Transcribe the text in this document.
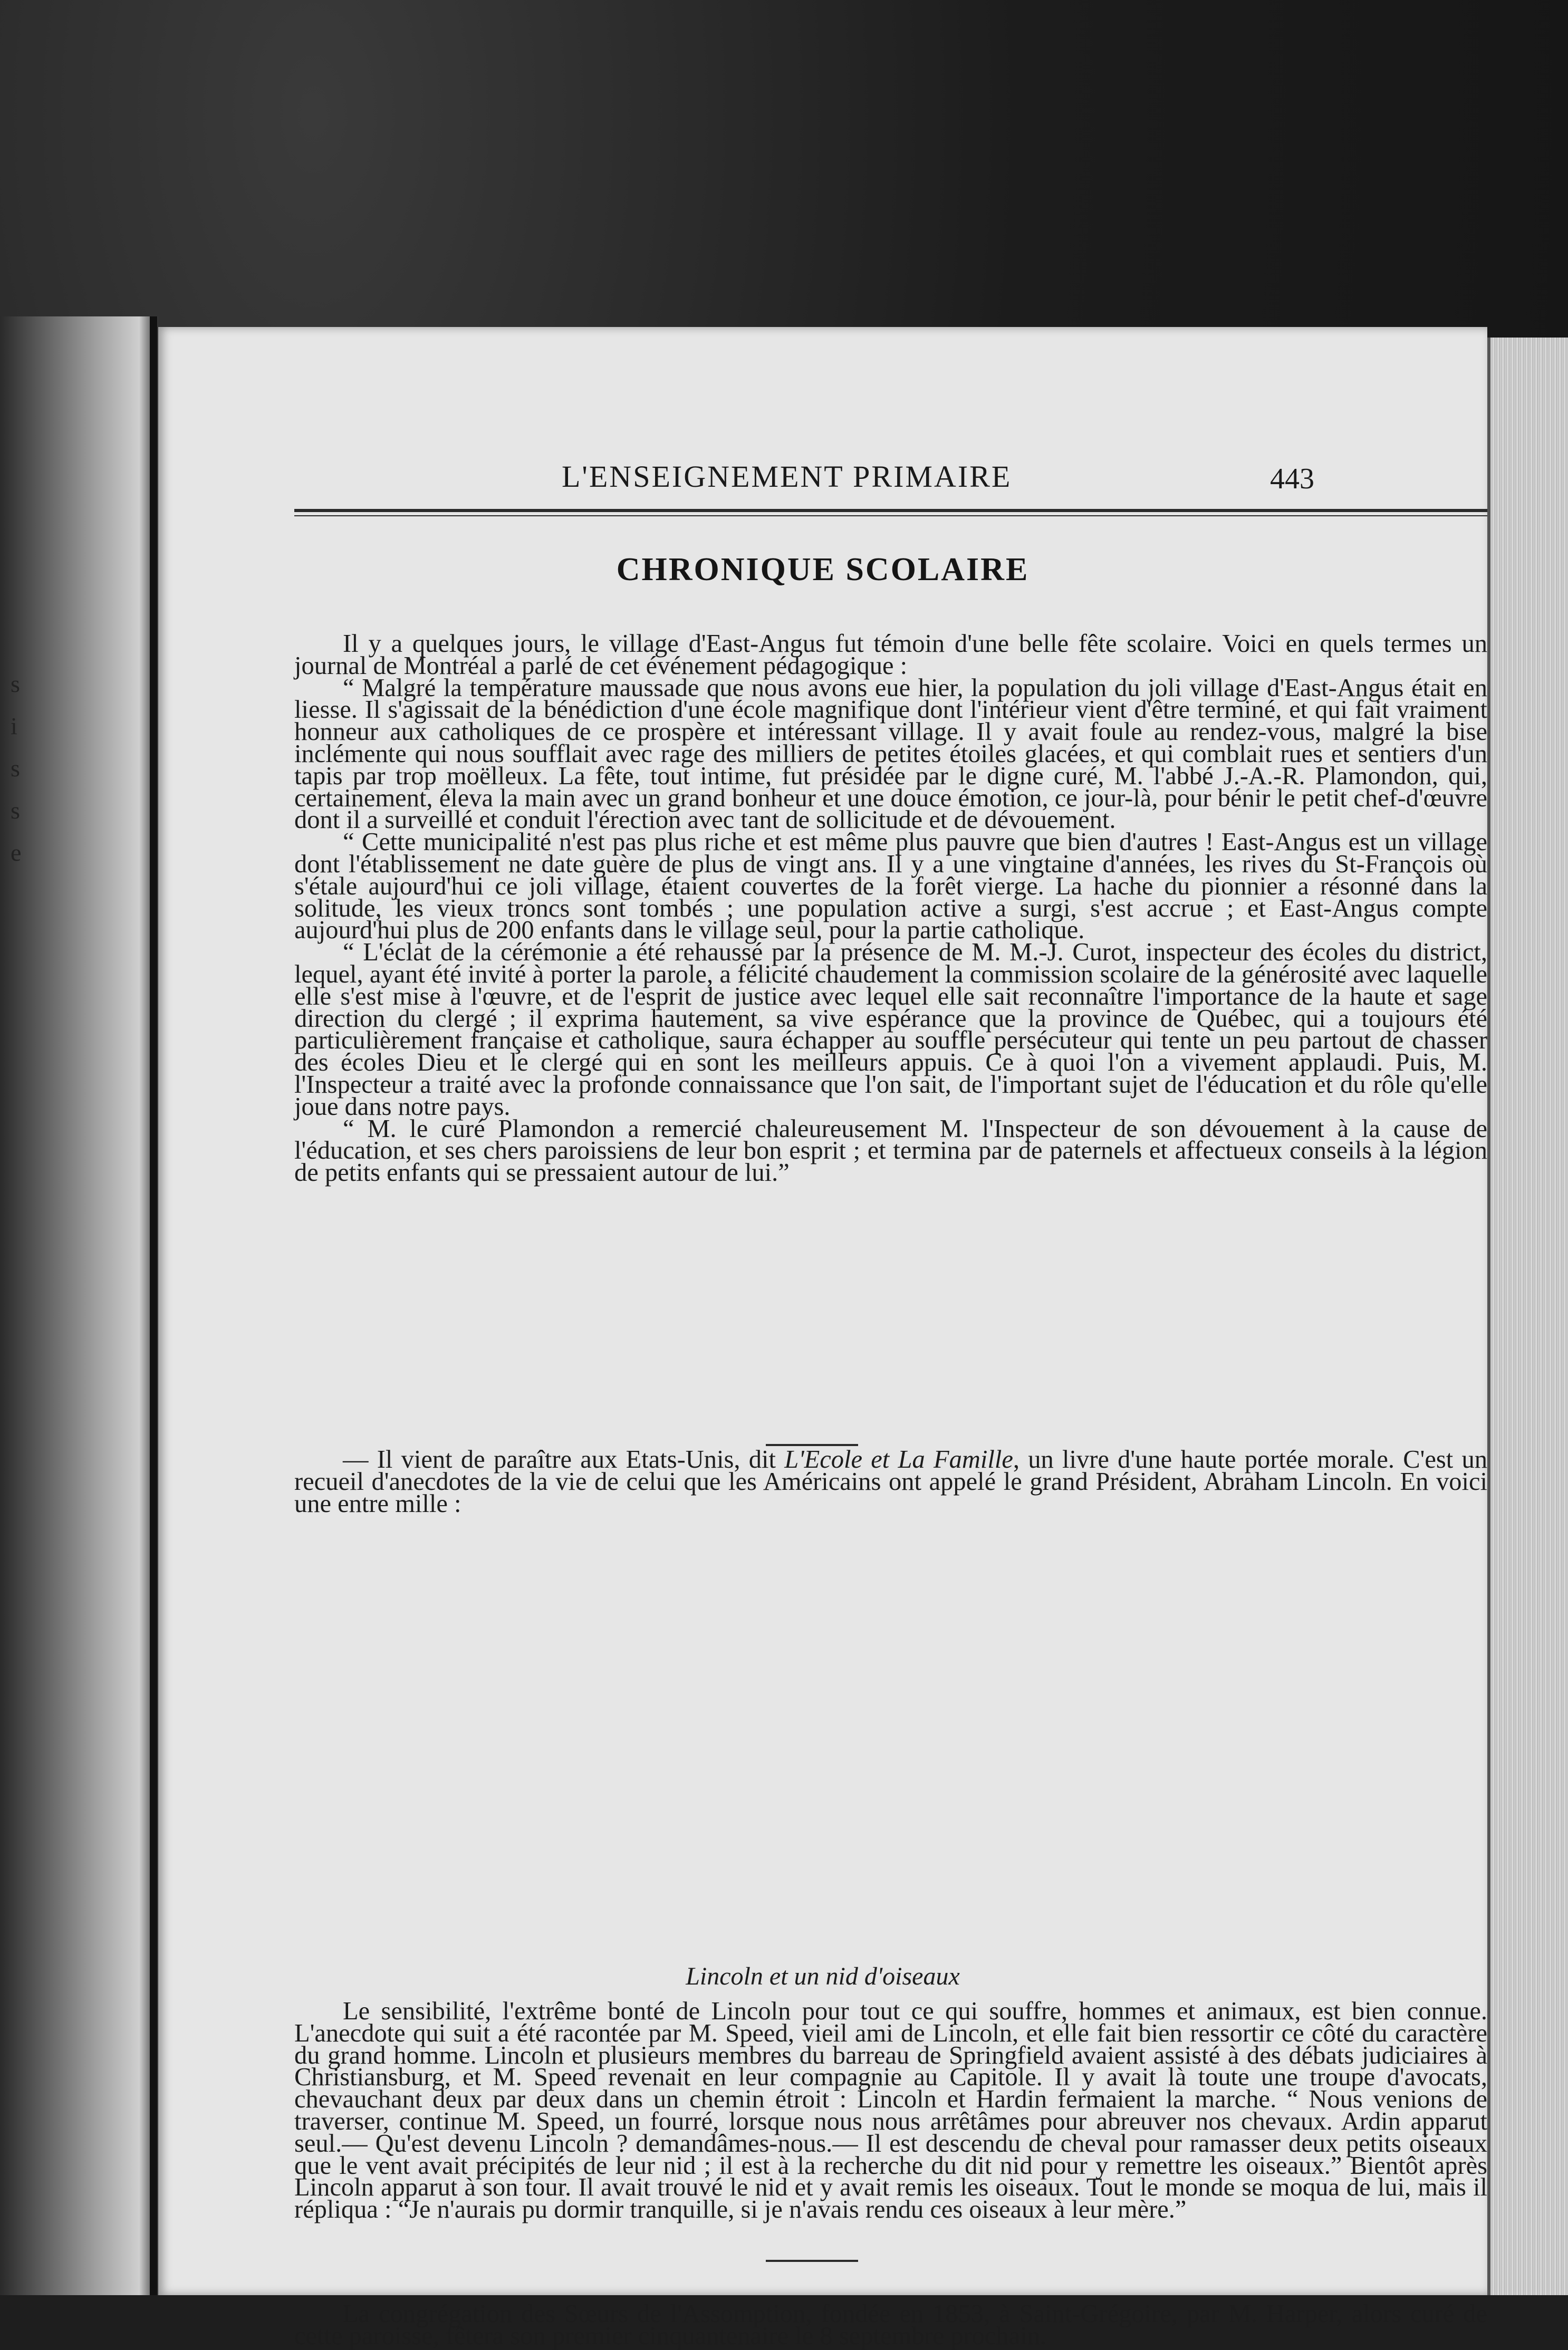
s
i
s
s
e
L'ENSEIGNEMENT PRIMAIRE	443
CHRONIQUE SCOLAIRE

Il y a quelques jours, le village d'East-Angus fut témoin d'une belle fête scolaire. Voici en quels termes un journal de Montréal a parlé de cet événement pédagogique :

“ Malgré la température maussade que nous avons eue hier, la population du joli village d'East-Angus était en liesse. Il s'agissait de la bénédiction d'une école magnifique dont l'intérieur vient d'être terminé, et qui fait vraiment honneur aux catholiques de ce prospère et intéressant village. Il y avait foule au rendez-vous, malgré la bise inclémente qui nous soufflait avec rage des milliers de petites étoiles glacées, et qui comblait rues et sentiers d'un tapis par trop moëlleux. La fête, tout intime, fut présidée par le digne curé, M. l'abbé J.-A.-R. Plamondon, qui, certainement, éleva la main avec un grand bonheur et une douce émotion, ce jour-là, pour bénir le petit chef-d'œuvre dont il a surveillé et conduit l'érection avec tant de sollicitude et de dévouement.

“ Cette municipalité n'est pas plus riche et est même plus pauvre que bien d'autres ! East-Angus est un village dont l'établissement ne date guère de plus de vingt ans. Il y a une vingtaine d'années, les rives du St-François où s'étale aujourd'hui ce joli village, étaient couvertes de la forêt vierge. La hache du pionnier a résonné dans la solitude, les vieux troncs sont tombés ; une population active a surgi, s'est accrue ; et East-Angus compte aujourd'hui plus de 200 enfants dans le village seul, pour la partie catholique.

“ L'éclat de la cérémonie a été rehaussé par la présence de M. M.-J. Curot, inspecteur des écoles du district, lequel, ayant été invité à porter la parole, a félicité chaudement la commission scolaire de la générosité avec laquelle elle s'est mise à l'œuvre, et de l'esprit de justice avec lequel elle sait reconnaître l'importance de la haute et sage direction du clergé ; il exprima hautement, sa vive espérance que la province de Québec, qui a toujours été particulièrement française et catholique, saura échapper au souffle persécuteur qui tente un peu partout de chasser des écoles Dieu et le clergé qui en sont les meilleurs appuis. Ce à quoi l'on a vivement applaudi. Puis, M. l'Inspecteur a traité avec la profonde connaissance que l'on sait, de l'important sujet de l'éducation et du rôle qu'elle joue dans notre pays.

“ M. le curé Plamondon a remercié chaleureusement M. l'Inspecteur de son dévouement à la cause de l'éducation, et ses chers paroissiens de leur bon esprit ; et termina par de paternels et affectueux conseils à la légion de petits enfants qui se pressaient autour de lui.”

— Il vient de paraître aux Etats-Unis, dit L'Ecole et La Famille, un livre d'une haute portée morale. C'est un recueil d'anecdotes de la vie de celui que les Américains ont appelé le grand Président, Abraham Lincoln. En voici une entre mille :

Lincoln et un nid d'oiseaux

Le sensibilité, l'extrême bonté de Lincoln pour tout ce qui souffre, hommes et animaux, est bien connue. L'anecdote qui suit a été racontée par M. Speed, vieil ami de Lincoln, et elle fait bien ressortir ce côté du caractère du grand homme. Lincoln et plusieurs membres du barreau de Springfield avaient assisté à des débats judiciaires à Christiansburg, et M. Speed revenait en leur compagnie au Capitole. Il y avait là toute une troupe d'avocats, chevauchant deux par deux dans un chemin étroit : Lincoln et Hardin fermaient la marche. “ Nous venions de traverser, continue M. Speed, un fourré, lorsque nous nous arrêtâmes pour abreuver nos chevaux. Ardin apparut seul.— Qu'est devenu Lincoln ? demandâmes-nous.— Il est descendu de cheval pour ramasser deux petits oiseaux que le vent avait précipités de leur nid ; il est à la recherche du dit nid pour y remettre les oiseaux.” Bientôt après Lincoln apparut à son tour. Il avait trouvé le nid et y avait remis les oiseaux. Tout le monde se moqua de lui, mais il répliqua : “Je n'aurais pu dormir tranquille, si je n'avais rendu ces oiseaux à leur mère.”

La congrégation des Sœurs de l'Assomption, fondée en 1853, à Saint-Grégoire, par M. Harper, alors curé de cette paroisse, fêtera son premier cinquantenaire le 8 septembre prochain.
